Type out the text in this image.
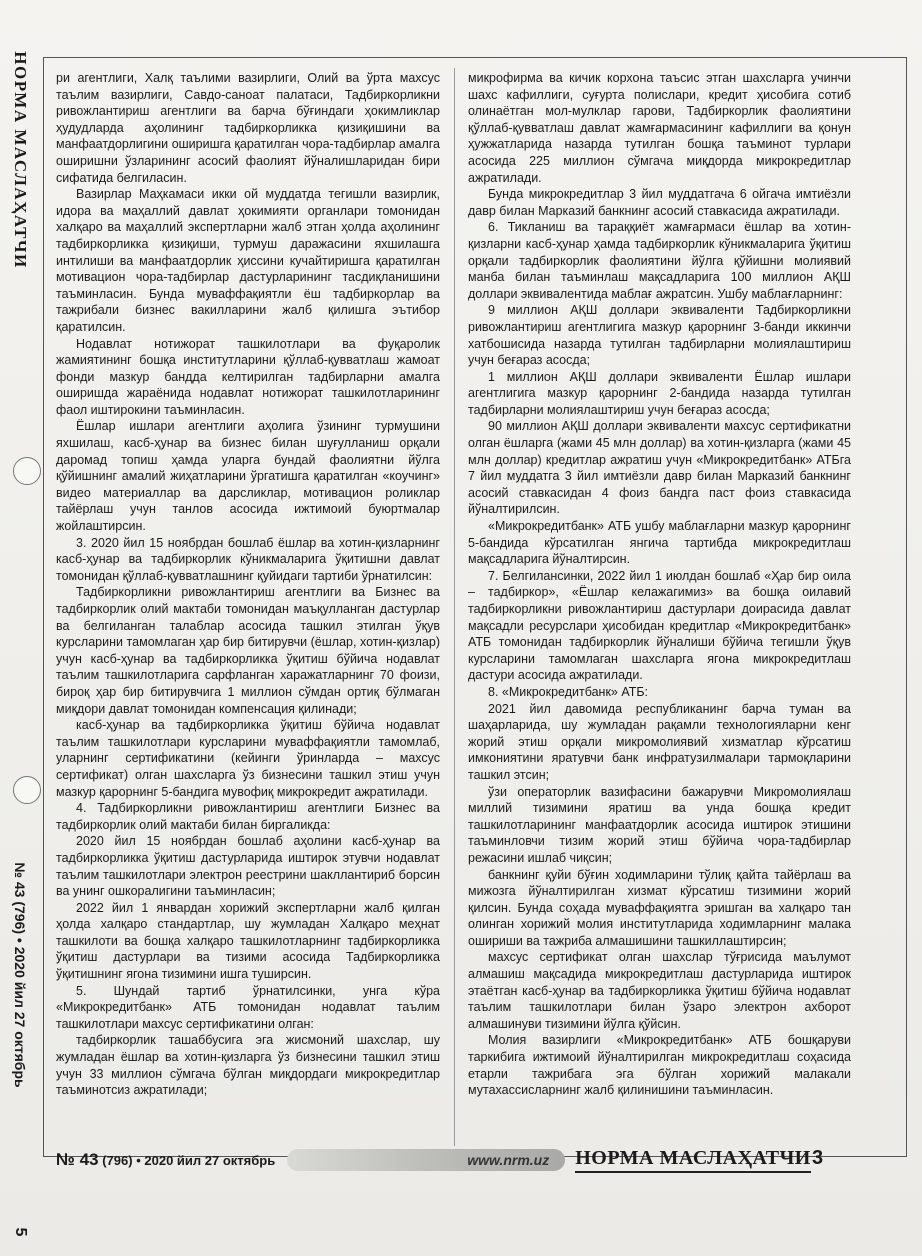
НОРМА МАСЛАҲАТЧИ
№ 43 (796) • 2020 йил 27 октябрь
5

ри агентлиги, Халқ таълими вазирлиги, Олий ва ўрта махсус таълим вазирлиги, Савдо-саноат палатаси, Тадбиркорликни ривожлантириш агентлиги ва барча бўғиндаги ҳокимликлар ҳудудларда аҳолининг тадбиркорликка қизиқишини ва манфаатдорлигини оширишга қаратилган чора-тадбирлар амалга оширишни ўзларининг асосий фаолият йўналишларидан бири сифатида белгиласин.

Вазирлар Маҳкамаси икки ой муддатда тегишли вазирлик, идора ва маҳаллий давлат ҳокимияти органлари томонидан халқаро ва маҳаллий экспертларни жалб этган ҳолда аҳолининг тадбиркорликка қизиқиши, турмуш даражасини яхшилашга интилиши ва манфаатдорлик ҳиссини кучайтиришга қаратилган мотивацион чора-тадбирлар дастурларининг тасдиқланишини таъминласин. Бунда муваффақиятли ёш тадбиркорлар ва тажрибали бизнес вакилларини жалб қилишга эътибор қаратилсин.

Нодавлат нотижорат ташкилотлари ва фуқаролик жамиятининг бошқа институтларини қўллаб-қувватлаш жамоат фонди мазкур бандда келтирилган тадбирларни амалга оширишда жараёнида нодавлат нотижорат ташкилотларининг фаол иштирокини таъминласин.

Ёшлар ишлари агентлиги аҳолига ўзининг турмушини яхшилаш, касб-ҳунар ва бизнес билан шуғулланиш орқали даромад топиш ҳамда уларга бундай фаолиятни йўлга қўйишнинг амалий жиҳатларини ўргатишга қаратилган «коучинг» видео материаллар ва дарсликлар, мотивацион роликлар тайёрлаш учун танлов асосида ижтимоий буюртмалар жойлаштирсин.

3. 2020 йил 15 ноябрдан бошлаб ёшлар ва хотин-қизларнинг касб-ҳунар ва тадбиркорлик кўникмаларига ўқитишни давлат томонидан қўллаб-қувватлашнинг қуйидаги тартиби ўрнатилсин:

Тадбиркорликни ривожлантириш агентлиги ва Бизнес ва тадбиркорлик олий мактаби томонидан маъқулланган дастурлар ва белгиланган талаблар асосида ташкил этилган ўқув курсларини тамомлаган ҳар бир битирувчи (ёшлар, хотин-қизлар) учун касб-ҳунар ва тадбиркорликка ўқитиш бўйича нодавлат таълим ташкилотларига сарфланган харажатларнинг 70 фоизи, бироқ ҳар бир битирувчига 1 миллион сўмдан ортиқ бўлмаган миқдори давлат томонидан компенсация қилинади;

касб-ҳунар ва тадбиркорликка ўқитиш бўйича нодавлат таълим ташкилотлари курсларини муваффақиятли тамомлаб, уларнинг сертификатини (кейинги ўринларда – махсус сертификат) олган шахсларга ўз бизнесини ташкил этиш учун мазкур қарорнинг 5-бандига мувофиқ микрокредит ажратилади.

4. Тадбиркорликни ривожлантириш агентлиги Бизнес ва тадбиркорлик олий мактаби билан биргаликда:

2020 йил 15 ноябрдан бошлаб аҳолини касб-ҳунар ва тадбиркорликка ўқитиш дастурларида иштирок этувчи нодавлат таълим ташкилотлари электрон реестрини шакллантириб борсин ва унинг ошкоралигини таъминласин;

2022 йил 1 январдан хорижий экспертларни жалб қилган ҳолда халқаро стандартлар, шу жумладан Халқаро меҳнат ташкилоти ва бошқа халқаро ташкилотларнинг тадбиркорликка ўқитиш дастурлари ва тизими асосида Тадбиркорликка ўқитишнинг ягона тизимини ишга туширсин.

5. Шундай тартиб ўрнатилсинки, унга кўра «Микрокредитбанк» АТБ томонидан нодавлат таълим ташкилотлари махсус сертификатини олган:

тадбиркорлик ташаббусига эга жисмоний шахслар, шу жумладан ёшлар ва хотин-қизларга ўз бизнесини ташкил этиш учун 33 миллион сўмгача бўлган миқдордаги микрокредитлар таъминотсиз ажратилади;

микрофирма ва кичик корхона таъсис этган шахсларга учинчи шахс кафиллиги, суғурта полислари, кредит ҳисобига сотиб олинаётган мол-мулклар гарови, Тадбиркорлик фаолиятини қўллаб-қувватлаш давлат жамғармасининг кафиллиги ва қонун ҳужжатларида назарда тутилган бошқа таъминот турлари асосида 225 миллион сўмгача миқдорда микрокредитлар ажратилади.

Бунда микрокредитлар 3 йил муддатгача 6 ойгача имтиёзли давр билан Марказий банкнинг асосий ставкасида ажратилади.

6. Тикланиш ва тараққиёт жамғармаси ёшлар ва хотин-қизларни касб-ҳунар ҳамда тадбиркорлик кўникмаларига ўқитиш орқали тадбиркорлик фаолиятини йўлга қўйишни молиявий манба билан таъминлаш мақсадларига 100 миллион АҚШ доллари эквивалентида маблағ ажратсин. Ушбу маблағларнинг:

9 миллион АҚШ доллари эквиваленти Тадбиркорликни ривожлантириш агентлигига мазкур қарорнинг 3-банди иккинчи хатбошисида назарда тутилган тадбирларни молиялаштириш учун беғараз асосда;

1 миллион АҚШ доллари эквиваленти Ёшлар ишлари агентлигига мазкур қарорнинг 2-бандида назарда тутилган тадбирларни молиялаштириш учун беғараз асосда;

90 миллион АҚШ доллари эквиваленти махсус сертификатни олган ёшларга (жами 45 млн доллар) ва хотин-қизларга (жами 45 млн доллар) кредитлар ажратиш учун «Микрокредитбанк» АТБга 7 йил муддатга 3 йил имтиёзли давр билан Марказий банкнинг асосий ставкасидан 4 фоиз бандга паст фоиз ставкасида йўналтирилсин.

«Микрокредитбанк» АТБ ушбу маблағларни мазкур қарорнинг 5-бандида кўрсатилган янгича тартибда микрокредитлаш мақсадларига йўналтирсин.

7. Белгилансинки, 2022 йил 1 июлдан бошлаб «Ҳар бир оила – тадбиркор», «Ёшлар келажагимиз» ва бошқа оилавий тадбиркорликни ривожлантириш дастурлари доирасида давлат мақсадли ресурслари ҳисобидан кредитлар «Микрокредитбанк» АТБ томонидан тадбиркорлик йўналиши бўйича тегишли ўқув курсларини тамомлаган шахсларга ягона микрокредитлаш дастури асосида ажратилади.

8. «Микрокредитбанк» АТБ:

2021 йил давомида республиканинг барча туман ва шаҳарларида, шу жумладан рақамли технологияларни кенг жорий этиш орқали микромолиявий хизматлар кўрсатиш имкониятини яратувчи банк инфратузилмалари тармоқларини ташкил этсин;

ўзи операторлик вазифасини бажарувчи Микромолиялаш миллий тизимини яратиш ва унда бошқа кредит ташкилотларининг манфаатдорлик асосида иштирок этишини таъминловчи тизим жорий этиш бўйича чора-тадбирлар режасини ишлаб чиқсин;

банкнинг қуйи бўғин ходимларини тўлиқ қайта тайёрлаш ва мижозга йўналтирилган хизмат кўрсатиш тизимини жорий қилсин. Бунда соҳада муваффақиятга эришган ва халқаро тан олинган хорижий молия институтларида ходимларнинг малака ошириши ва тажриба алмашишини ташкиллаштирсин;

махсус сертификат олган шахслар тўғрисида маълумот алмашиш мақсадида микрокредитлаш дастурларида иштирок этаётган касб-ҳунар ва тадбиркорликка ўқитиш бўйича нодавлат таълим ташкилотлари билан ўзаро электрон ахборот алмашинуви тизимини йўлга қўйсин.

Молия вазирлиги «Микрокредитбанк» АТБ бошқаруви таркибига ижтимоий йўналтирилган микрокредитлаш соҳасида етарли тажрибага эга бўлган хорижий малакали мутахассисларнинг жалб қилинишини таъминласин.

№ 43 (796) • 2020 йил 27 октябрь	www.nrm.uz НОРМА МАСЛАҲАТЧИ 3
